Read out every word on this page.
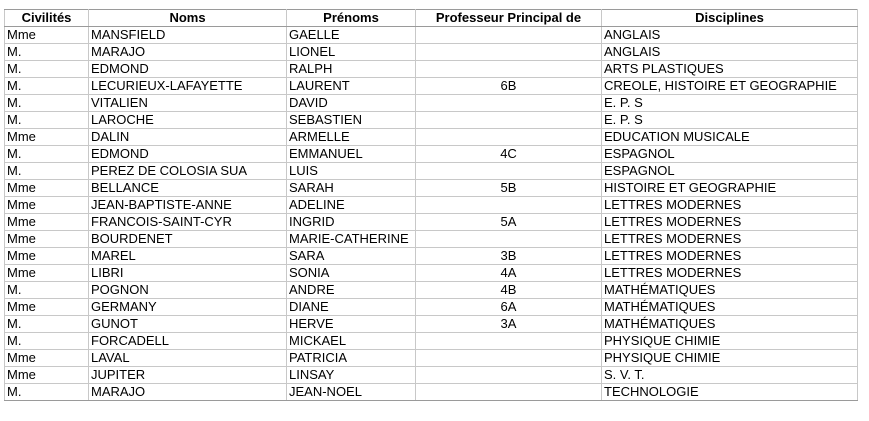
Civilités	Noms	Prénoms	Professeur Principal de	Disciplines
Mme	MANSFIELD	GAELLE		ANGLAIS
M.	MARAJO	LIONEL		ANGLAIS
M.	EDMOND	RALPH		ARTS PLASTIQUES
M.	LECURIEUX-LAFAYETTE	LAURENT	6B	CREOLE, HISTOIRE ET GEOGRAPHIE
M.	VITALIEN	DAVID		E. P. S
M.	LAROCHE	SEBASTIEN		E. P. S
Mme	DALIN	ARMELLE		EDUCATION MUSICALE
M.	EDMOND	EMMANUEL	4C	ESPAGNOL
M.	PEREZ DE COLOSIA SUA	LUIS		ESPAGNOL
Mme	BELLANCE	SARAH	5B	HISTOIRE ET GEOGRAPHIE
Mme	JEAN-BAPTISTE-ANNE	ADELINE		LETTRES MODERNES
Mme	FRANCOIS-SAINT-CYR	INGRID	5A	LETTRES MODERNES
Mme	BOURDENET	MARIE-CATHERINE		LETTRES MODERNES
Mme	MAREL	SARA	3B	LETTRES MODERNES
Mme	LIBRI	SONIA	4A	LETTRES MODERNES
M.	POGNON	ANDRE	4B	MATHÉMATIQUES
Mme	GERMANY	DIANE	6A	MATHÉMATIQUES
M.	GUNOT	HERVE	3A	MATHÉMATIQUES
M.	FORCADELL	MICKAEL		PHYSIQUE CHIMIE
Mme	LAVAL	PATRICIA		PHYSIQUE CHIMIE
Mme	JUPITER	LINSAY		S. V. T.
M.	MARAJO	JEAN-NOEL		TECHNOLOGIE
